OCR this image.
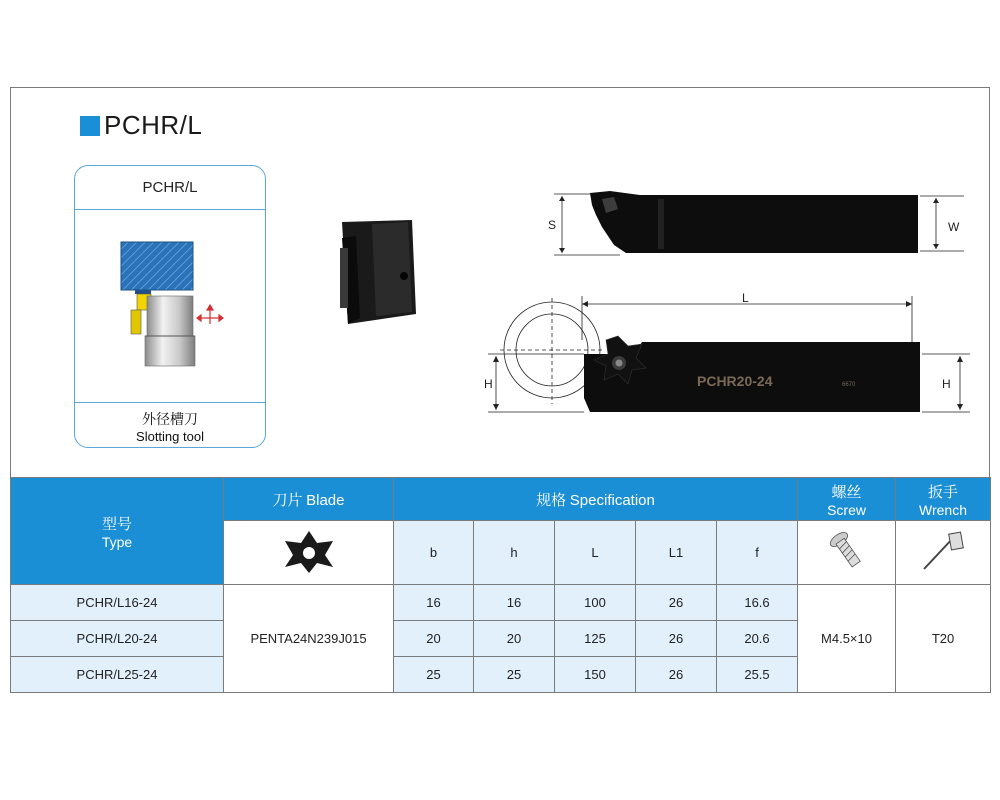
PCHR/L
PCHR/L
外径槽刀
Slotting tool
S	W
PCHR20-24	6670
L
H	H
型号
Type	刀片 Blade	规格 Specification					螺丝
Screw	扳手
Wrench

	b	h	L	L1	f		
PCHR/L16-24	PENTA24N239J015	16	16	100	26	16.6	M4.5×10	T20
PCHR/L20-24		20	20	125	26	20.6		
PCHR/L25-24		25	25	150	26	25.5		
